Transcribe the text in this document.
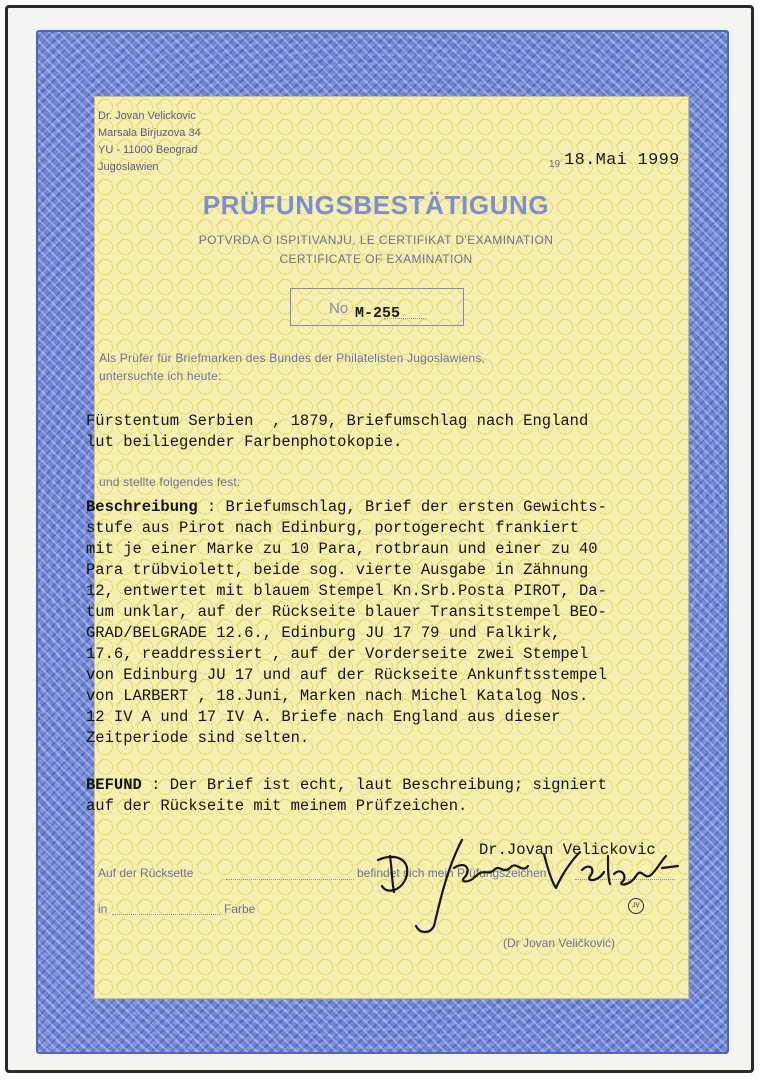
Dr. Jovan Velickovic
Marsala Birjuzova 34
YU - 11000 Beograd
Jugoslawien	19 18.Mai 1999
PRÜFUNGSBESTÄTIGUNG
POTVRDA O ISPITIVANJU, LE CERTIFIKAT D'EXAMINATION
CERTIFICATE OF EXAMINATION
No M-255
Als Prüfer für Briefmarken des Bundes der Philatelisten Jugoslawiens,
untersuchte ich heute:
Fürstentum Serbien  , 1879, Briefumschlag nach England
lut beiliegender Farbenphotokopie.
und stellte folgendes fest:
Beschreibung : Briefumschlag, Brief der ersten Gewichts-
stufe aus Pirot nach Edinburg, portogerecht frankiert
mit je einer Marke zu 10 Para, rotbraun und einer zu 40
Para trübviolett, beide sog. vierte Ausgabe in Zähnung
12, entwertet mit blauem Stempel Kn.Srb.Posta PIROT, Da-
tum unklar, auf der Rückseite blauer Transitstempel BEO-
GRAD/BELGRADE 12.6., Edinburg JU 17 79 und Falkirk,
17.6, readdressiert , auf der Vorderseite zwei Stempel
von Edinburg JU 17 und auf der Rückseite Ankunftsstempel
von LARBERT , 18.Juni, Marken nach Michel Katalog Nos.
12 IV A und 17 IV A. Briefe nach England aus dieser
Zeitperiode sind selten.
BEFUND : Der Brief ist echt, laut Beschreibung; signiert
auf der Rückseite mit meinem Prüfzeichen.
Dr.Jovan Velickovic
Auf der Rücksette	befindet sich mein Prüfungszeichen
in	Farbe
(Dr Jovan Veličković)
JV
